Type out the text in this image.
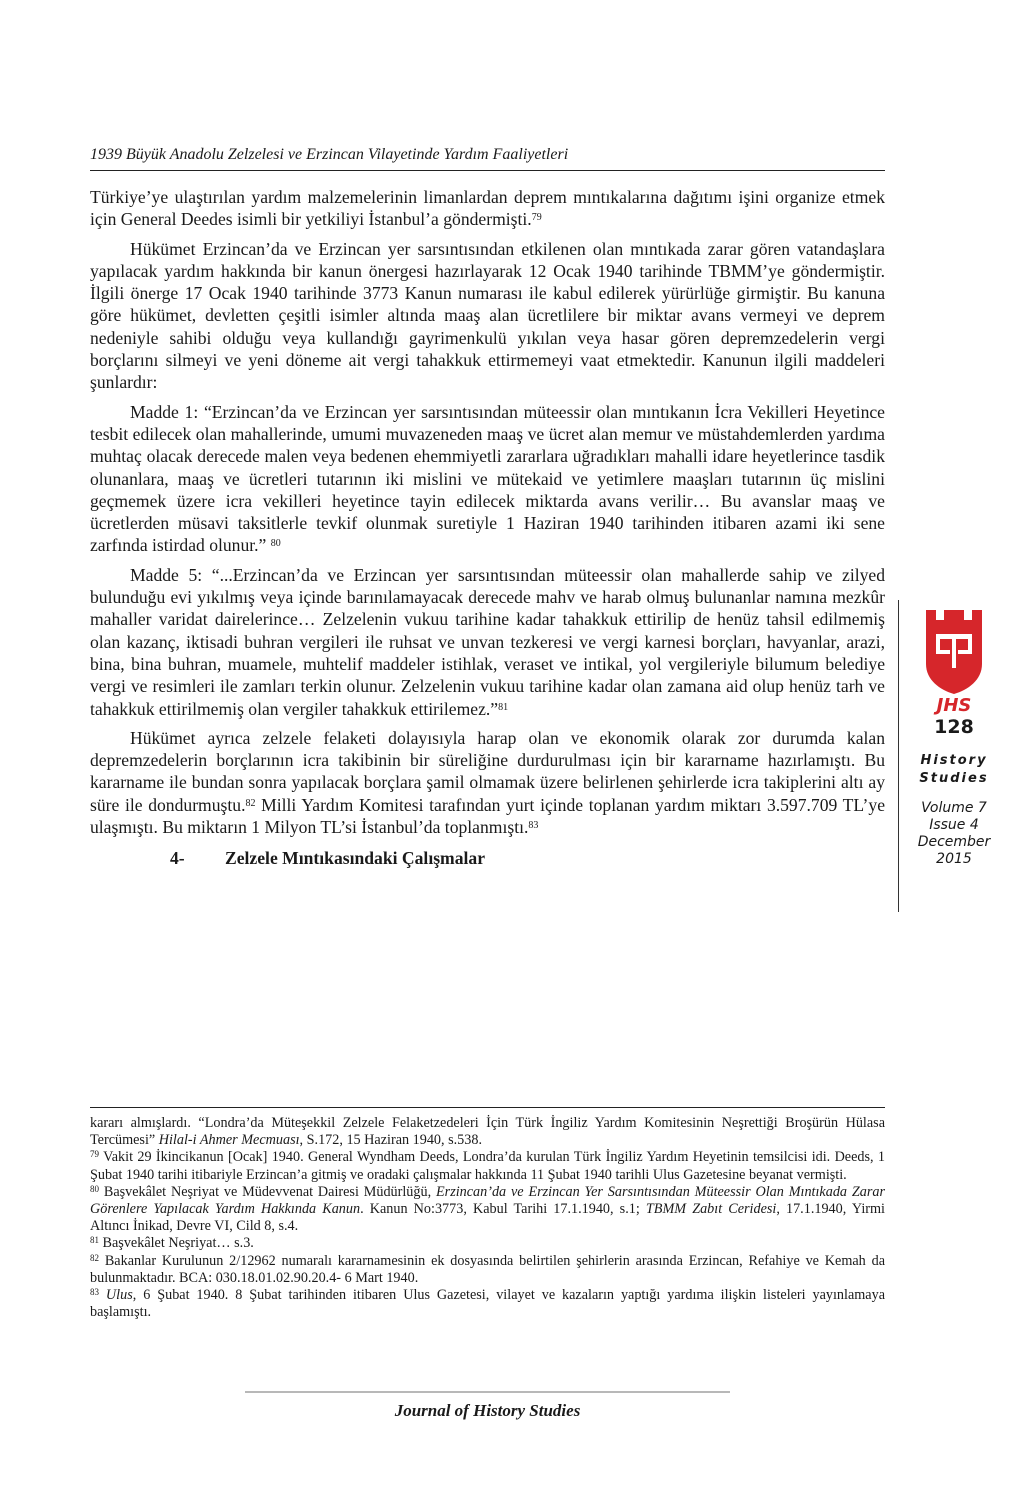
1939 Büyük Anadolu Zelzelesi ve Erzincan Vilayetinde Yardım Faaliyetleri

Türkiye’ye ulaştırılan yardım malzemelerinin limanlardan deprem mıntıkalarına dağıtımı işini organize etmek için General Deedes isimli bir yetkiliyi İstanbul’a göndermişti.$^{79}$

Hükümet Erzincan’da ve Erzincan yer sarsıntısından etkilenen olan mıntıkada zarar gören vatandaşlara yapılacak yardım hakkında bir kanun önergesi hazırlayarak 12 Ocak 1940 tarihinde TBMM’ye göndermiştir. İlgili önerge 17 Ocak 1940 tarihinde 3773 Kanun numarası ile kabul edilerek yürürlüğe girmiştir. Bu kanuna göre hükümet, devletten çeşitli isimler altında maaş alan ücretlilere bir miktar avans vermeyi ve deprem nedeniyle sahibi olduğu veya kullandığı gayrimenkulü yıkılan veya hasar gören depremzedelerin vergi borçlarını silmeyi ve yeni döneme ait vergi tahakkuk ettirmemeyi vaat etmektedir. Kanunun ilgili maddeleri şunlardır:

Madde 1: “Erzincan’da ve Erzincan yer sarsıntısından müteessir olan mıntıkanın İcra Vekilleri Heyetince tesbit edilecek olan mahallerinde, umumi muvazeneden maaş ve ücret alan memur ve müstahdemlerden yardıma muhtaç olacak derecede malen veya bedenen ehemmiyetli zararlara uğradıkları mahalli idare heyetlerince tasdik olunanlara, maaş ve ücretleri tutarının iki mislini ve mütekaid ve yetimlere maaşları tutarının üç mislini geçmemek üzere icra vekilleri heyetince tayin edilecek miktarda avans verilir… Bu avanslar maaş ve ücretlerden müsavi taksitlerle tevkif olunmak suretiyle 1 Haziran 1940 tarihinden itibaren azami iki sene zarfında istirdad olunur.” $^{80}$

Madde 5: “...Erzincan’da ve Erzincan yer sarsıntısından müteessir olan mahallerde sahip ve zilyed bulunduğu evi yıkılmış veya içinde barınılamayacak derecede mahv ve harab olmuş bulunanlar namına mezkûr mahaller varidat dairelerince… Zelzelenin vukuu tarihine kadar tahakkuk ettirilip de henüz tahsil edilmemiş olan kazanç, iktisadi buhran vergileri ile ruhsat ve unvan tezkeresi ve vergi karnesi borçları, havyanlar, arazi, bina, bina buhran, muamele, muhtelif maddeler istihlak, veraset ve intikal, yol vergileriyle bilumum belediye vergi ve resimleri ile zamları terkin olunur. Zelzelenin vukuu tarihine kadar olan zamana aid olup henüz tarh ve tahakkuk ettirilmemiş olan vergiler tahakkuk ettirilemez.”$^{81}$

Hükümet ayrıca zelzele felaketi dolayısıyla harap olan ve ekonomik olarak zor durumda kalan depremzedelerin borçlarının icra takibinin bir süreliğine durdurulması için bir kararname hazırlamıştı. Bu kararname ile bundan sonra yapılacak borçlara şamil olmamak üzere belirlenen şehirlerde icra takiplerini altı ay süre ile dondurmuştu.$^{82}$ Milli Yardım Komitesi tarafından yurt içinde toplanan yardım miktarı 3.597.709 TL’ye ulaşmıştı. Bu miktarın 1 Milyon TL’si İstanbul’da toplanmıştı.$^{83}$

4- Zelzele Mıntıkasındaki Çalışmalar
JHS
128
History
Studies
Volume 7
Issue 4
December
2015

kararı almışlardı. “Londra’da Müteşekkil Zelzele Felaketzedeleri İçin Türk İngiliz Yardım Komitesinin Neşrettiği Broşürün Hülasa Tercümesi” Hilal-i Ahmer Mecmuası, S.172, 15 Haziran 1940, s.538.

$^{79}$ Vakit 29 İkincikanun [Ocak] 1940. General Wyndham Deeds, Londra’da kurulan Türk İngiliz Yardım Heyetinin temsilcisi idi. Deeds, 1 Şubat 1940 tarihi itibariyle Erzincan’a gitmiş ve oradaki çalışmalar hakkında 11 Şubat 1940 tarihli Ulus Gazetesine beyanat vermişti.

$^{80}$ Başvekâlet Neşriyat ve Müdevvenat Dairesi Müdürlüğü, Erzincan’da ve Erzincan Yer Sarsıntısından Müteessir Olan Mıntıkada Zarar Görenlere Yapılacak Yardım Hakkında Kanun. Kanun No:3773, Kabul Tarihi 17.1.1940, s.1; TBMM Zabıt Ceridesi, 17.1.1940, Yirmi Altıncı İnikad, Devre VI, Cild 8, s.4.

$^{81}$ Başvekâlet Neşriyat… s.3.

$^{82}$ Bakanlar Kurulunun 2/12962 numaralı kararnamesinin ek dosyasında belirtilen şehirlerin arasında Erzincan, Refahiye ve Kemah da bulunmaktadır. BCA: 030.18.01.02.90.20.4- 6 Mart 1940.

$^{83}$ Ulus, 6 Şubat 1940. 8 Şubat tarihinden itibaren Ulus Gazetesi, vilayet ve kazaların yaptığı yardıma ilişkin listeleri yayınlamaya başlamıştı.

Journal of History Studies
